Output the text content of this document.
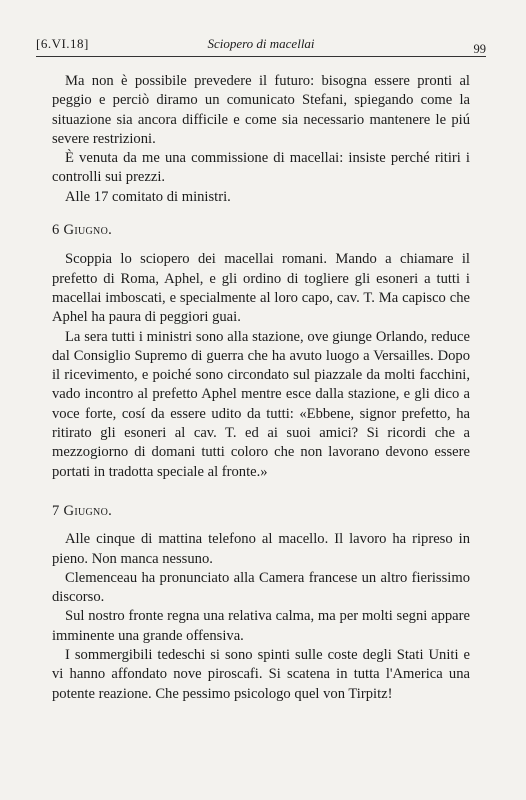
[6.VI.18]	Sciopero di macellai	99

Ma non è possibile prevedere il futuro: bisogna essere pronti al peggio e perciò diramo un comunicato Stefani, spiegando come la situazione sia ancora difficile e come sia necessario mantenere le piú severe restrizioni.

È venuta da me una commissione di macellai: insiste perché ritiri i controlli sui prezzi.

Alle 17 comitato di ministri.

6 Giugno.

Scoppia lo sciopero dei macellai romani. Mando a chiamare il prefetto di Roma, Aphel, e gli ordino di togliere gli esoneri a tutti i macellai imboscati, e specialmente al loro capo, cav. T. Ma capisco che Aphel ha paura di peggiori guai.

La sera tutti i ministri sono alla stazione, ove giunge Orlando, reduce dal Consiglio Supremo di guerra che ha avuto luogo a Versailles. Dopo il ricevimento, e poiché sono circondato sul piazzale da molti facchini, vado incontro al prefetto Aphel mentre esce dalla stazione, e gli dico a voce forte, cosí da essere udito da tutti: «Ebbene, signor prefetto, ha ritirato gli esoneri al cav. T. ed ai suoi amici? Si ricordi che a mezzogiorno di domani tutti coloro che non lavorano devono essere portati in tradotta speciale al fronte.»

7 Giugno.

Alle cinque di mattina telefono al macello. Il lavoro ha ripreso in pieno. Non manca nessuno.

Clemenceau ha pronunciato alla Camera francese un altro fierissimo discorso.

Sul nostro fronte regna una relativa calma, ma per molti segni appare imminente una grande offensiva.

I sommergibili tedeschi si sono spinti sulle coste degli Stati Uniti e vi hanno affondato nove piroscafi. Si scatena in tutta l'America una potente reazione. Che pessimo psicologo quel von Tirpitz!
